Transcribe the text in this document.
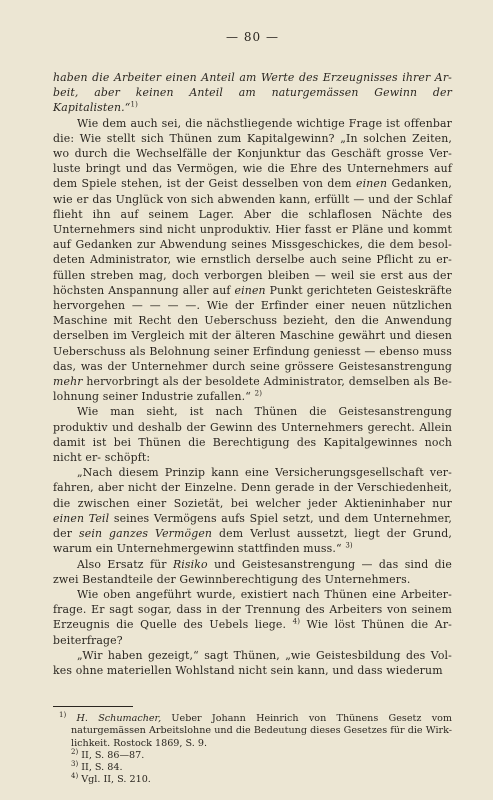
— 80 —

haben die Arbeiter einen Anteil am Werte des Erzeugnisses ihrer Ar- beit, aber keinen Anteil am naturgemässen Gewinn der Kapitalisten.“$^{1)}$

Wie dem auch sei, die nächstliegende wichtige Frage ist offenbar die: Wie stellt sich Thünen zum Kapitalgewinn? „In solchen Zeiten, wo durch die Wechselfälle der Konjunktur das Geschäft grosse Ver- luste bringt und das Vermögen, wie die Ehre des Unternehmers auf dem Spiele stehen, ist der Geist desselben von dem einen Gedanken, wie er das Unglück von sich abwenden kann, erfüllt — und der Schlaf flieht ihn auf seinem Lager. Aber die schlaflosen Nächte des Unternehmers sind nicht unproduktiv. Hier fasst er Pläne und kommt auf Gedanken zur Abwendung seines Missgeschickes, die dem besol- deten Administrator, wie ernstlich derselbe auch seine Pflicht zu er- füllen streben mag, doch verborgen bleiben — weil sie erst aus der höchsten Anspannung aller auf einen Punkt gerichteten Geisteskräfte hervorgehen — — — —. Wie der Erfinder einer neuen nützlichen Maschine mit Recht den Ueberschuss bezieht, den die Anwendung derselben im Vergleich mit der älteren Maschine gewährt und diesen Ueberschuss als Belohnung seiner Erfindung geniesst — ebenso muss das, was der Unternehmer durch seine grössere Geistesanstrengung mehr hervorbringt als der besoldete Administrator, demselben als Be- lohnung seiner Industrie zufallen.“ $^{2)}$

Wie man sieht, ist nach Thünen die Geistesanstrengung produktiv und deshalb der Gewinn des Unternehmers gerecht. Allein damit ist bei Thünen die Berechtigung des Kapitalgewinnes noch nicht er- schöpft:

„Nach diesem Prinzip kann eine Versicherungsgesellschaft ver- fahren, aber nicht der Einzelne. Denn gerade in der Verschiedenheit, die zwischen einer Sozietät, bei welcher jeder Aktieninhaber nur einen Teil seines Vermögens aufs Spiel setzt, und dem Unternehmer, der sein ganzes Vermögen dem Verlust aussetzt, liegt der Grund, warum ein Unternehmergewinn stattfinden muss.“ $^{3)}$

Also Ersatz für Risiko und Geistesanstrengung — das sind die zwei Bestandteile der Gewinnberechtigung des Unternehmers.

Wie oben angeführt wurde, existiert nach Thünen eine Arbeiter- frage. Er sagt sogar, dass in der Trennung des Arbeiters von seinem Erzeugnis die Quelle des Uebels liege. $^{4)}$ Wie löst Thünen die Ar- beiterfrage?

„Wir haben gezeigt,“ sagt Thünen, „wie Geistesbildung des Vol- kes ohne materiellen Wohlstand nicht sein kann, und dass wiederum

$^{1)}$ H. Schumacher, Ueber Johann Heinrich von Thünens Gesetz vom naturgemässen Arbeitslohne und die Bedeutung dieses Gesetzes für die Wirk- lichkeit. Rostock 1869, S. 9.

$^{2)}$ II, S. 86—87.

$^{3)}$ II, S. 84.

$^{4)}$ Vgl. II, S. 210.
